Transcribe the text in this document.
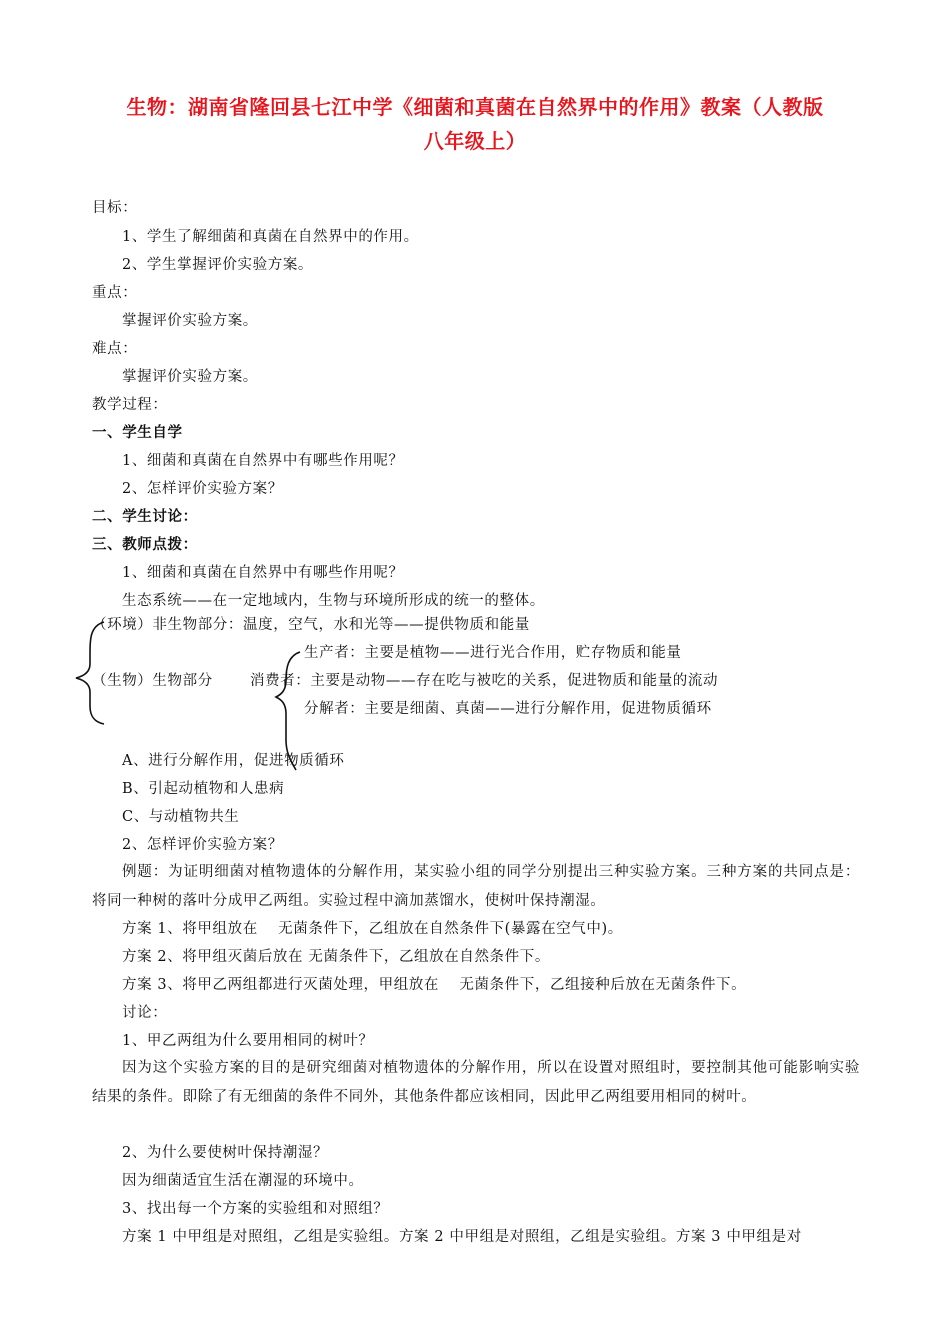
生物：湖南省隆回县七江中学《细菌和真菌在自然界中的作用》教案（人教版
八年级上）
目标：
1、学生了解细菌和真菌在自然界中的作用。
2、学生掌握评价实验方案。
重点：
掌握评价实验方案。
难点：
掌握评价实验方案。
教学过程：
一、学生自学
1、细菌和真菌在自然界中有哪些作用呢？
2、怎样评价实验方案？
二、学生讨论：
三、教师点拨：
1、细菌和真菌在自然界中有哪些作用呢？
生态系统——在一定地域内，生物与环境所形成的统一的整体。
（环境）非生物部分：温度，空气，水和光等——提供物质和能量
生产者：主要是植物——进行光合作用，贮存物质和能量
（生物）生物部分	消费者：主要是动物——存在吃与被吃的关系，促进物质和能量的流动
分解者：主要是细菌、真菌——进行分解作用，促进物质循环
A、进行分解作用，促进物质循环
B、引起动植物和人患病
C、与动植物共生
2、怎样评价实验方案？
例题：为证明细菌对植物遗体的分解作用，某实验小组的同学分别提出三种实验方案。三种方案的共同点是：将同一种树的落叶分成甲乙两组。实验过程中滴加蒸馏水，使树叶保持潮湿。
方案 1、将甲组放在　 无菌条件下，乙组放在自然条件下(暴露在空气中)。
方案 2、将甲组灭菌后放在 无菌条件下，乙组放在自然条件下。
方案 3、将甲乙两组都进行灭菌处理，甲组放在　 无菌条件下，乙组接种后放在无菌条件下。
讨论：
1、甲乙两组为什么要用相同的树叶？
因为这个实验方案的目的是研究细菌对植物遗体的分解作用，所以在设置对照组时，要控制其他可能影响实验结果的条件。即除了有无细菌的条件不同外，其他条件都应该相同，因此甲乙两组要用相同的树叶。
2、为什么要使树叶保持潮湿？
因为细菌适宜生活在潮湿的环境中。
3、找出每一个方案的实验组和对照组？
方案 1 中甲组是对照组，乙组是实验组。方案 2 中甲组是对照组，乙组是实验组。方案 3 中甲组是对
